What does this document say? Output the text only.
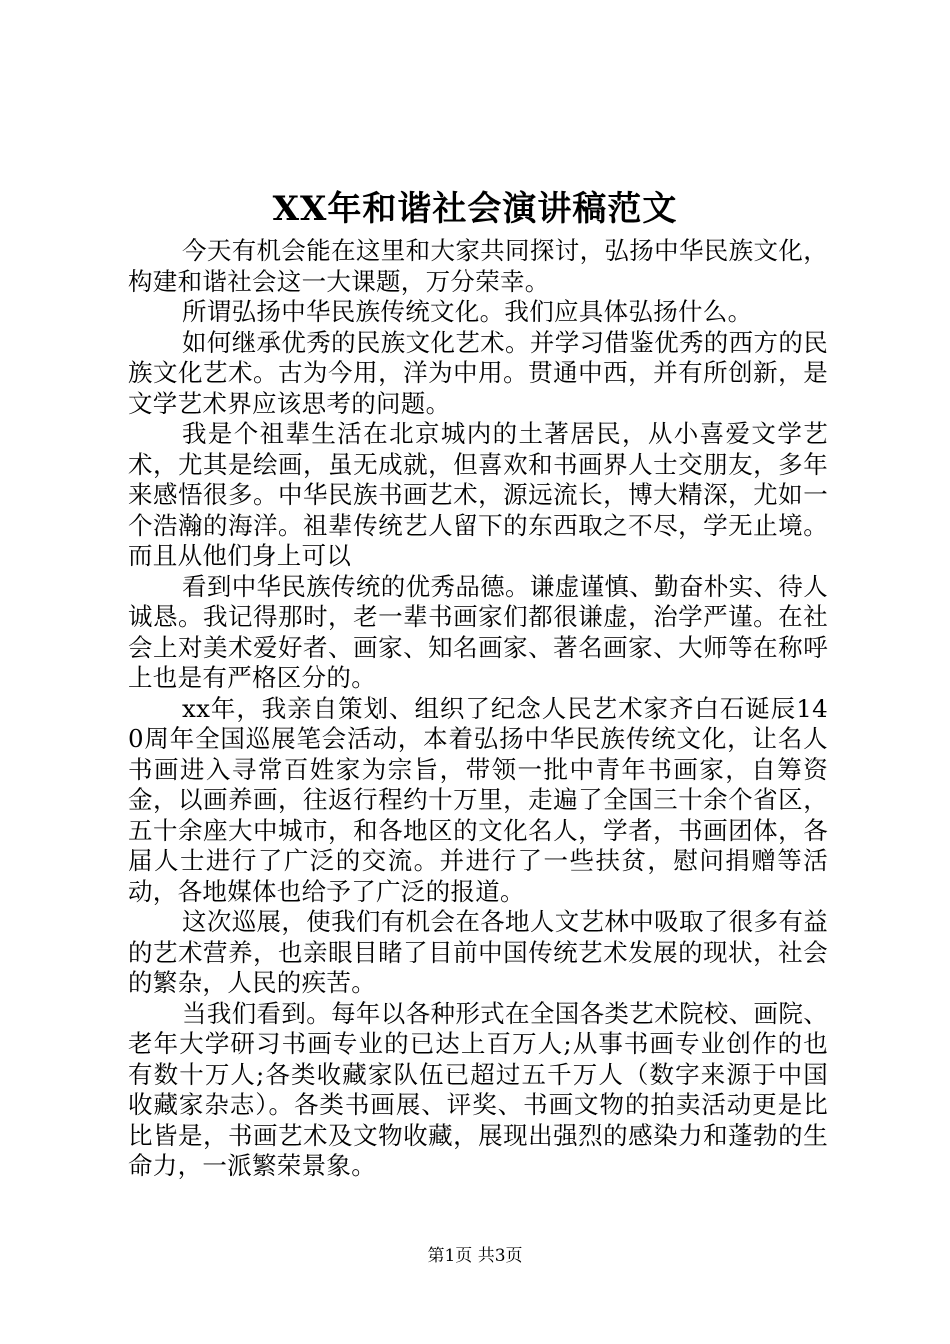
XX年和谐社会演讲稿范文

今天有机会能在这里和大家共同探讨，弘扬中华民族文化，构建和谐社会这一大课题，万分荣幸。

所谓弘扬中华民族传统文化。我们应具体弘扬什么。

如何继承优秀的民族文化艺术。并学习借鉴优秀的西方的民族文化艺术。古为今用，洋为中用。贯通中西，并有所创新，是文学艺术界应该思考的问题。

我是个祖辈生活在北京城内的土著居民，从小喜爱文学艺术，尤其是绘画，虽无成就，但喜欢和书画界人士交朋友，多年来感悟很多。中华民族书画艺术，源远流长，博大精深，尤如一个浩瀚的海洋。祖辈传统艺人留下的东西取之不尽，学无止境。而且从他们身上可以

看到中华民族传统的优秀品德。谦虚谨慎、勤奋朴实、待人诚恳。我记得那时，老一辈书画家们都很谦虚，治学严谨。在社会上对美术爱好者、画家、知名画家、著名画家、大师等在称呼上也是有严格区分的。

xx年，我亲自策划、组织了纪念人民艺术家齐白石诞辰140周年全国巡展笔会活动，本着弘扬中华民族传统文化，让名人书画进入寻常百姓家为宗旨，带领一批中青年书画家，自筹资金，以画养画，往返行程约十万里，走遍了全国三十余个省区，五十余座大中城市，和各地区的文化名人，学者，书画团体，各届人士进行了广泛的交流。并进行了一些扶贫，慰问捐赠等活动，各地媒体也给予了广泛的报道。

这次巡展，使我们有机会在各地人文艺林中吸取了很多有益的艺术营养，也亲眼目睹了目前中国传统艺术发展的现状，社会的繁杂，人民的疾苦。

当我们看到。每年以各种形式在全国各类艺术院校、画院、老年大学研习书画专业的已达上百万人;从事书画专业创作的也有数十万人;各类收藏家队伍已超过五千万人（数字来源于中国收藏家杂志）。各类书画展、评奖、书画文物的拍卖活动更是比比皆是，书画艺术及文物收藏，展现出强烈的感染力和蓬勃的生命力，一派繁荣景象。

第1页 共3页
